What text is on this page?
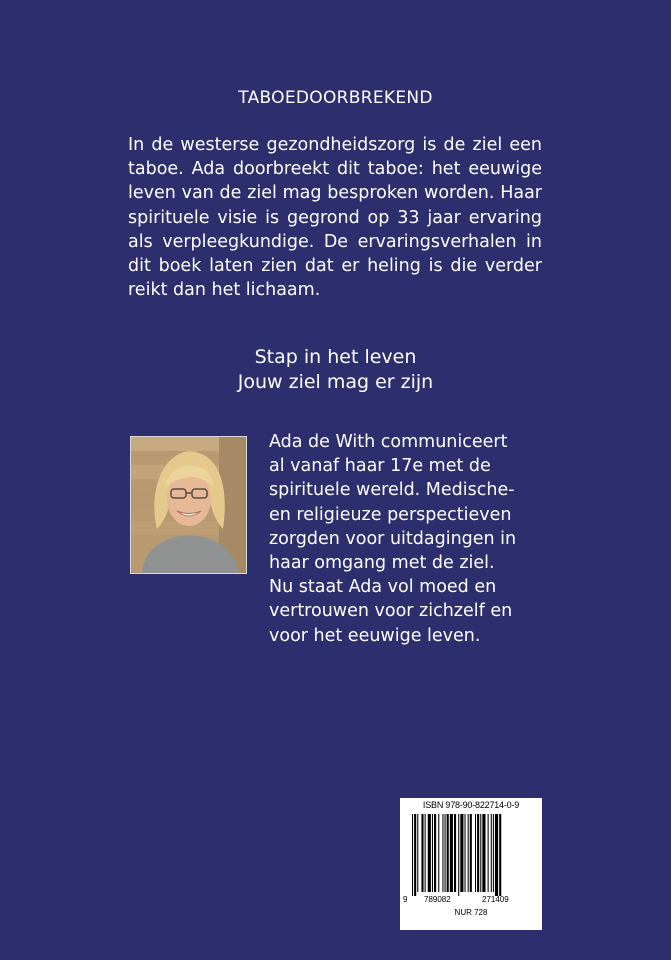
TABOEDOORBREKEND

In de westerse gezondheidszorg is de ziel een taboe. Ada doorbreekt dit taboe: het eeuwige leven van de ziel mag besproken worden. Haar spirituele visie is gegrond op 33 jaar ervaring als verpleegkundige. De ervaringsverhalen in dit boek laten zien dat er heling is die verder reikt dan het lichaam.

Stap in het leven
Jouw ziel mag er zijn
Ada de With communiceert
al vanaf haar 17e met de
spirituele wereld. Medische-
en religieuze perspectieven
zorgden voor uitdagingen in
haar omgang met de ziel.
Nu staat Ada vol moed en
vertrouwen voor zichzelf en
voor het eeuwige leven.
ISBN 978-90-822714-0-9
9 789082	271409
NUR 728
